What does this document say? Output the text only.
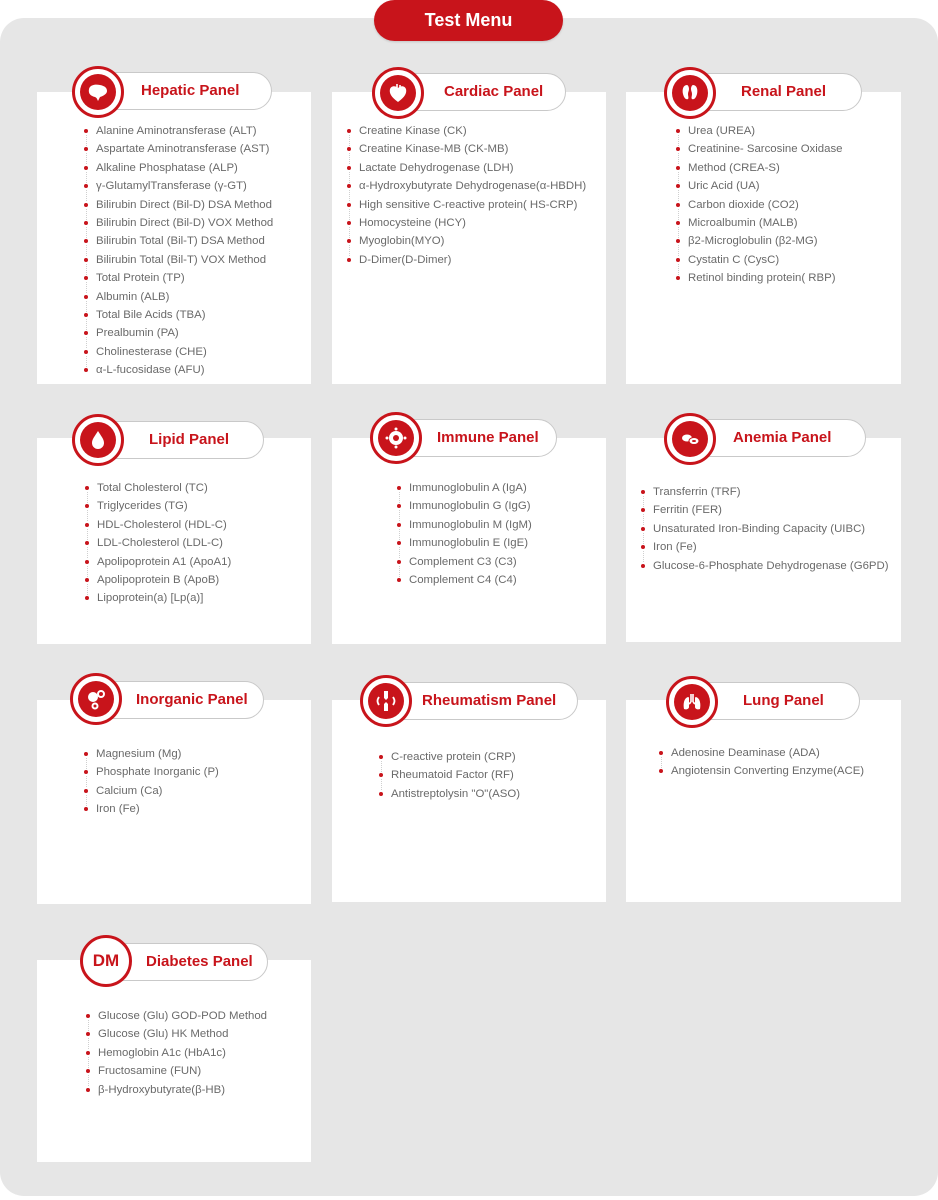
Test Menu
Hepatic Panel
Alanine Aminotransferase (ALT)
Aspartate Aminotransferase (AST)
Alkaline Phosphatase (ALP)
γ-GlutamylTransferase (γ-GT)
Bilirubin Direct (Bil-D) DSA Method
Bilirubin Direct (Bil-D) VOX Method
Bilirubin Total (Bil-T) DSA Method
Bilirubin Total (Bil-T) VOX Method
Total Protein (TP)
Albumin (ALB)
Total Bile Acids (TBA)
Prealbumin (PA)
Cholinesterase (CHE)
α-L-fucosidase (AFU)
Cardiac Panel
Creatine Kinase (CK)
Creatine Kinase-MB (CK-MB)
Lactate Dehydrogenase (LDH)
α-Hydroxybutyrate Dehydrogenase(α-HBDH)
High sensitive C-reactive protein( HS-CRP)
Homocysteine (HCY)
Myoglobin(MYO)
D-Dimer(D-Dimer)
Renal Panel
Urea (UREA)
Creatinine- Sarcosine Oxidase
Method (CREA-S)
Uric Acid (UA)
Carbon dioxide (CO2)
Microalbumin (MALB)
β2-Microglobulin (β2-MG)
Cystatin C (CysC)
Retinol binding protein( RBP)
Lipid Panel
Total Cholesterol (TC)
Triglycerides (TG)
HDL-Cholesterol (HDL-C)
LDL-Cholesterol (LDL-C)
Apolipoprotein A1 (ApoA1)
Apolipoprotein B (ApoB)
Lipoprotein(a) [Lp(a)]
Immune Panel
Immunoglobulin A (IgA)
Immunoglobulin G (IgG)
Immunoglobulin M (IgM)
Immunoglobulin E (IgE)
Complement C3 (C3)
Complement C4 (C4)
Anemia Panel
Transferrin (TRF)
Ferritin (FER)
Unsaturated Iron-Binding Capacity (UIBC)
Iron (Fe)
Glucose-6-Phosphate Dehydrogenase (G6PD)
Inorganic Panel
Magnesium (Mg)
Phosphate Inorganic (P)
Calcium (Ca)
Iron (Fe)
Rheumatism Panel
C-reactive protein (CRP)
Rheumatoid Factor (RF)
Antistreptolysin "O"(ASO)
Lung Panel
Adenosine Deaminase (ADA)
Angiotensin Converting Enzyme(ACE)
Diabetes Panel
DM
Glucose (Glu) GOD-POD Method
Glucose (Glu) HK Method
Hemoglobin A1c (HbA1c)
Fructosamine (FUN)
β-Hydroxybutyrate(β-HB)
